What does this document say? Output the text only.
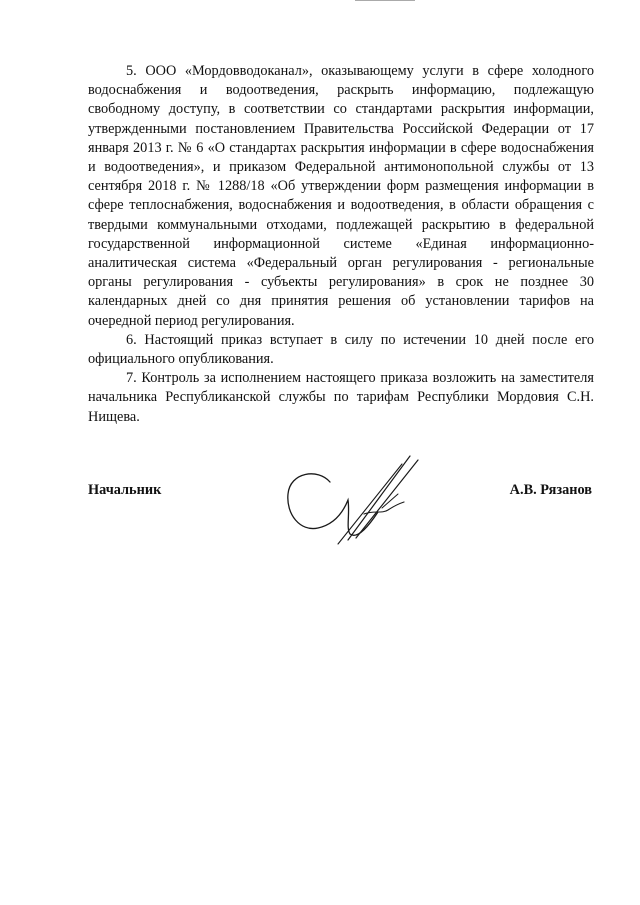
5. ООО «Мордовводоканал», оказывающему услуги в сфере холодного водоснабжения и водоотведения, раскрыть информацию, подлежащую свободному доступу, в соответствии со стандартами раскрытия информации, утвержденными постановлением Правительства Российской Федерации от 17 января 2013 г. № 6 «О стандартах раскрытия информации в сфере водоснабжения и водоотведения», и приказом Федеральной антимонопольной службы от 13 сентября 2018 г. № 1288/18 «Об утверждении форм размещения информации в сфере теплоснабжения, водоснабжения и водоотведения, в области обращения с твердыми коммунальными отходами, подлежащей раскрытию в федеральной государственной информационной системе «Единая информационно-аналитическая система «Федеральный орган регулирования - региональные органы регулирования - субъекты регулирования» в срок не позднее 30 календарных дней со дня принятия решения об установлении тарифов на очередной период регулирования.

6. Настоящий приказ вступает в силу по истечении 10 дней после его официального опубликования.

7. Контроль за исполнением настоящего приказа возложить на заместителя начальника Республиканской службы по тарифам Республики Мордовия С.Н. Нищева.

Начальник	А.В. Рязанов
